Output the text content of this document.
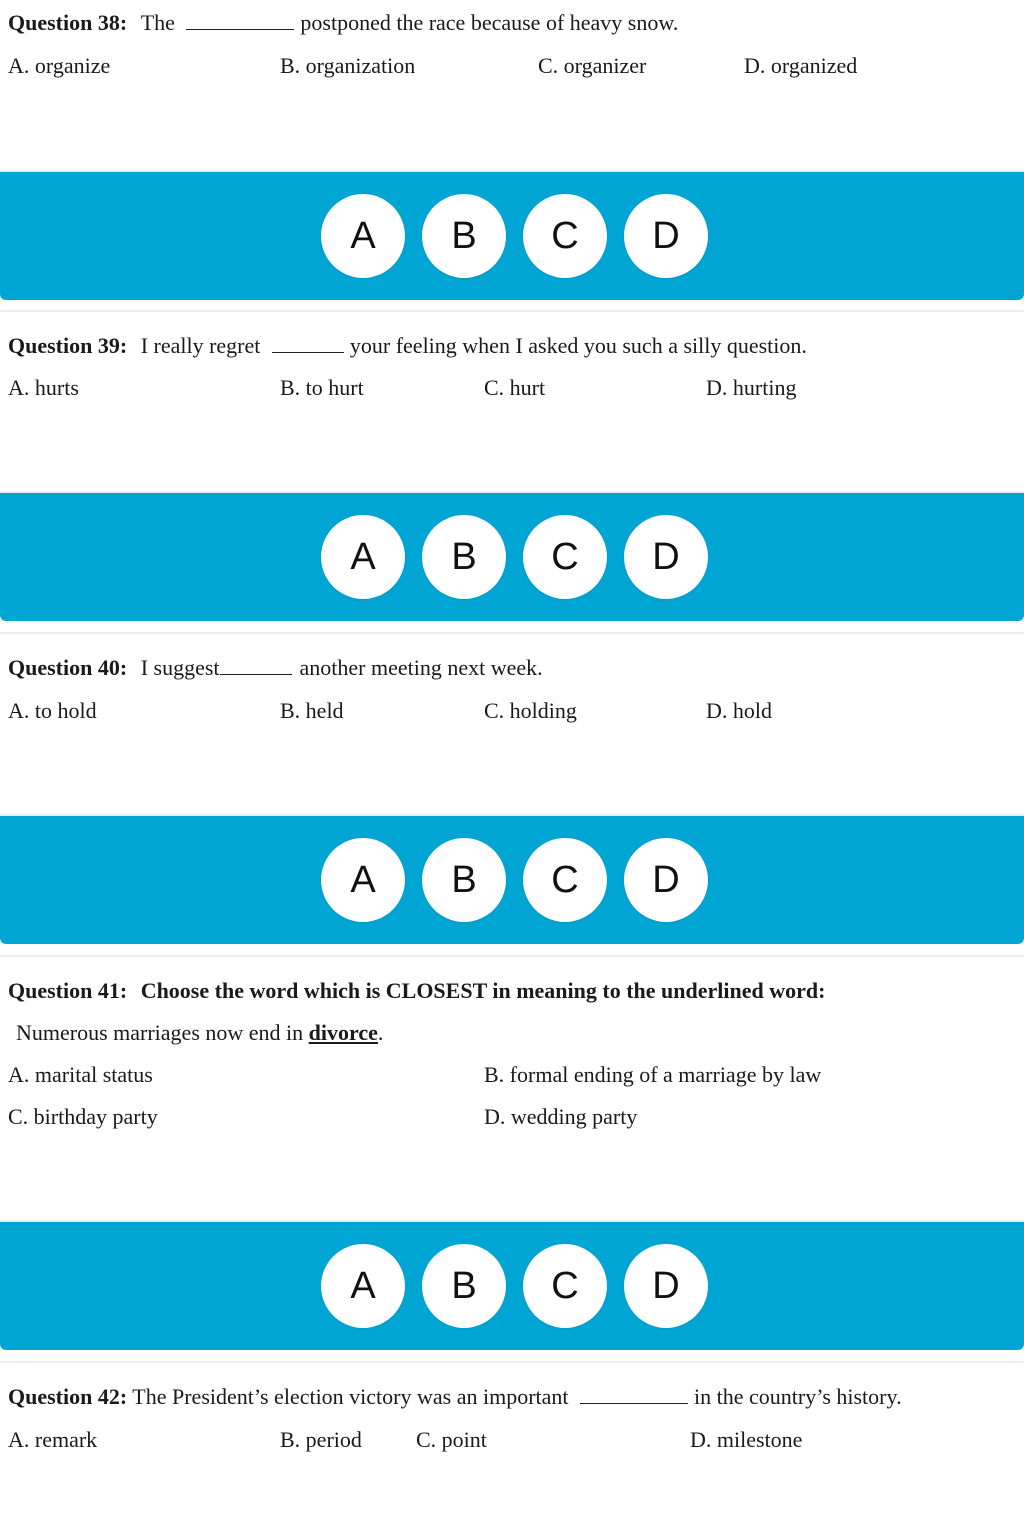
Question 38: The	postponed the race because of heavy snow.
A. organize	B. organization	C. organizer	D. organized
A	B	C	D
Question 39: I really regret	your feeling when I asked you such a silly question.
A. hurts	B. to hurt	C. hurt	D. hurting
A	B	C	D
Question 40: I suggest	another meeting next week.
A. to hold	B. held	C. holding	D. hold
A	B	C	D
Question 41: Choose the word which is CLOSEST in meaning to the underlined word:
Numerous marriages now end in divorce.
A. marital status	B. formal ending of a marriage by law
C. birthday party	D. wedding party
A	B	C	D
Question 42: The President’s election victory was an important	in the country’s history.
A. remark	B. period C. point	D. milestone
